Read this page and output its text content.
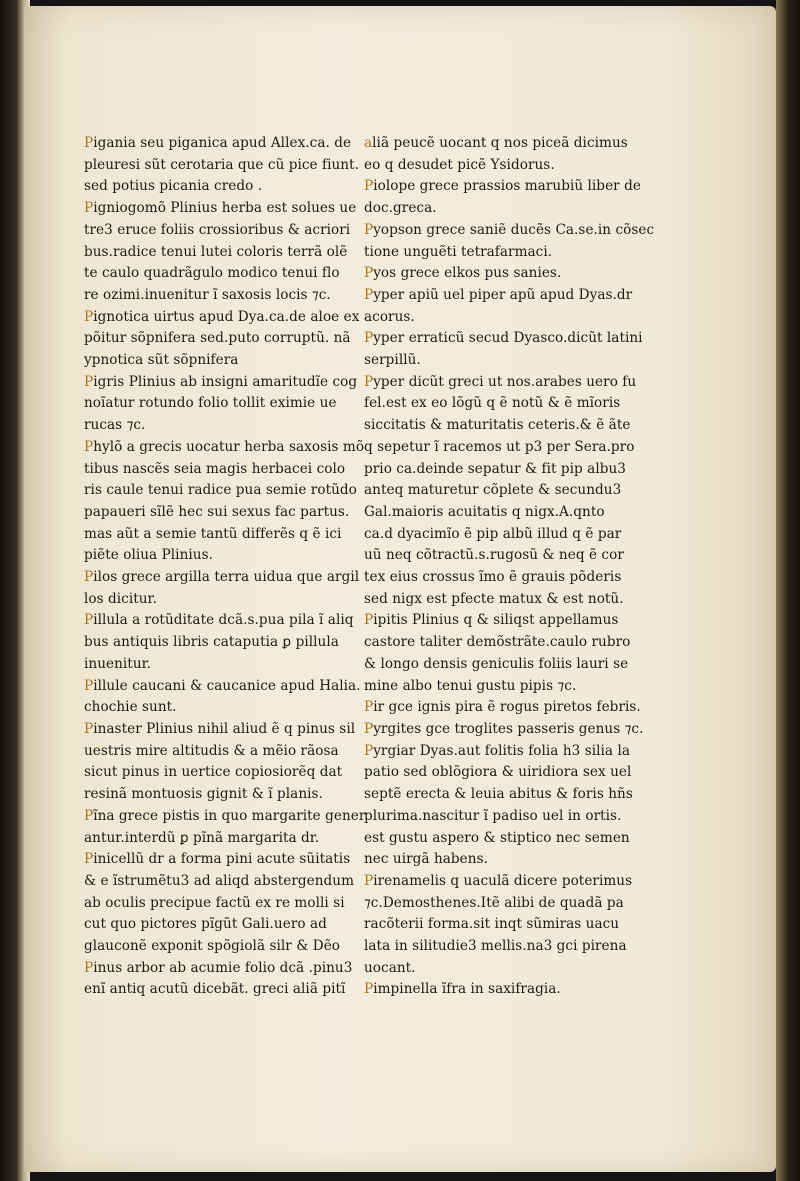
Pigania seu piganica apud Allex.ca. de
pleuresi sũt cerotaria que cũ pice fiunt.
sed potius picania credo .
Pigniogomõ Plinius herba est solues ue
tre3 eruce foliis crossioribus & acriori
bus.radice tenui lutei coloris terrã olẽ
te caulo quadrãgulo modico tenui flo
re ozimi.inuenitur ĩ saxosis locis ⁊c.
Pignotica uirtus apud Dya.ca.de aloe ex
põitur sõpnifera sed.puto corruptũ. nã
ypnotica sũt sõpnifera
Pigris Plinius ab insigni amaritudĩe cog
noĩatur rotundo folio tollit eximie ue
rucas ⁊c.
Phylõ a grecis uocatur herba saxosis mõ
tibus nascẽs seia magis herbacei colo
ris caule tenui radice pua semie rotũdo
papaueri sĩlẽ hec sui sexus fac partus.
mas aũt a semie tantũ differẽs q ẽ ici
piẽte oliua Plinius.
Pilos grece argilla terra uidua que argil
los dicitur.
Pillula a rotũditate dcã.s.pua pila ĩ aliq
bus antiquis libris cataputia ꝑ pillula
inuenitur.
Pillule caucani & caucanice apud Halia.
chochie sunt.
Pinaster Plinius nihil aliud ẽ q pinus sil
uestris mire altitudis & a mẽio rãosa
sicut pinus in uertice copiosiorẽq dat
resinã montuosis gignit & ĩ planis.
Pĩna grece pistis in quo margarite gener
antur.interdũ ꝑ pĩnã margarita dr.
Pinicellũ dr a forma pini acute sũitatis
& e ĩstrumẽtu3 ad aliqd abstergendum
ab oculis precipue factũ ex re molli si
cut quo pictores pĩgũt Gali.uero ad
glauconẽ exponit spõgiolã silr & Dẽo
Pinus arbor ab acumie folio dcã .pinu3
enĩ antiq acutũ dicebãt. greci aliã pitĩ
aliã peucẽ uocant q nos piceã dicimus
eo q desudet picẽ Ysidorus.
Piolope grece prassios marubiũ liber de
doc.greca.
Pyopson grece saniẽ ducẽs Ca.se.in cõsec
tione unguẽti tetrafarmaci.
Pyos grece elkos pus sanies.
Pyper apiũ uel piper apũ apud Dyas.dr
acorus.
Pyper erraticũ secud Dyasco.dicũt latini
serpillũ.
Pyper dicũt greci ut nos.arabes uero fu
fel.est ex eo lõgũ q ẽ notũ & ẽ mĩoris
siccitatis & maturitatis ceteris.& ẽ ãte
q sepetur ĩ racemos ut p3 per Sera.pro
prio ca.deinde sepatur & fit pip albu3
anteq maturetur cõplete & secundu3
Gal.maioris acuitatis q nigx.A.qnto
ca.d dyacimĩo ẽ pip albũ illud q ẽ par
uũ neq cõtractũ.s.rugosũ & neq ẽ cor
tex eius crossus ĩmo ẽ grauis põderis
sed nigx est pfecte matux & est notũ.
Pipitis Plinius q & siliqst appellamus
castore taliter demõstrãte.caulo rubro
& longo densis geniculis foliis lauri se
mine albo tenui gustu pipis ⁊c.
Pir gce ignis pira ẽ rogus piretos febris.
Pyrgites gce troglites passeris genus ⁊c.
Pyrgiar Dyas.aut folitis folia h3 silia la
patio sed oblõgiora & uiridiora sex uel
septẽ erecta & leuia abitus & foris hñs
plurima.nascitur ĩ padiso uel in ortis.
est gustu aspero & stiptico nec semen
nec uirgã habens.
Pirenamelis q uaculã dicere poterimus
⁊c.Demosthenes.Itẽ alibi de quadã pa
racõterii forma.sit inqt sũmiras uacu
lata in silitudie3 mellis.na3 gci pirena
uocant.
Pimpinella ĩfra in saxifragia.
